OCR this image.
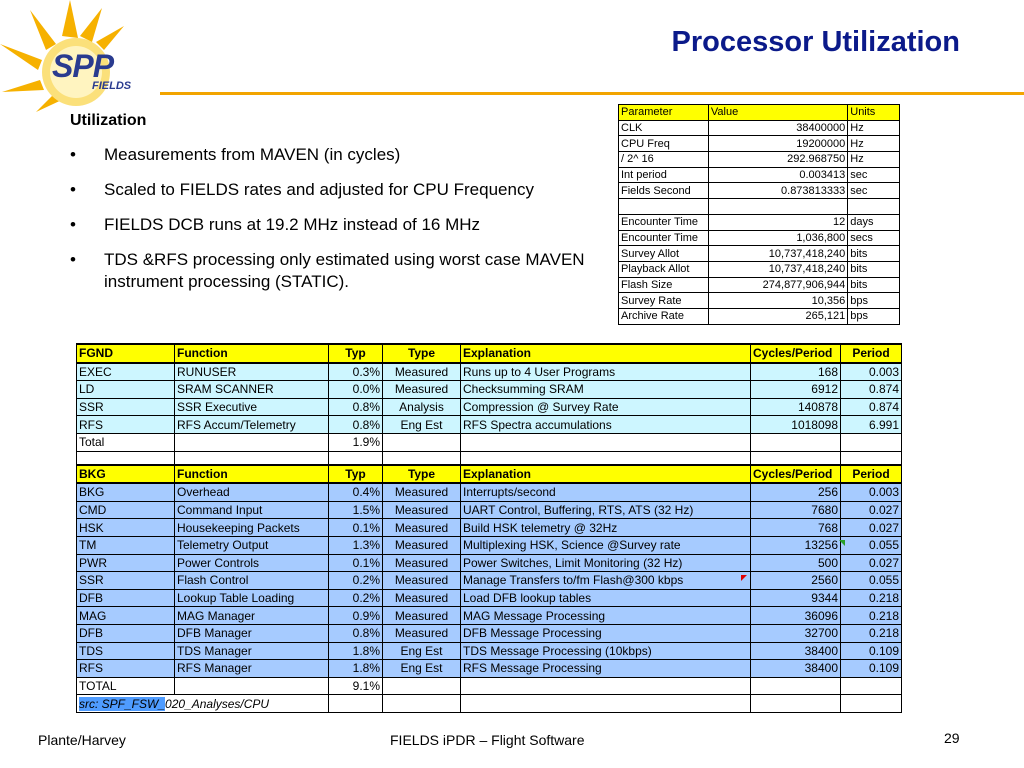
SPP
FIELDS
Processor Utilization
Utilization
• Measurements from MAVEN (in cycles)
• Scaled to FIELDS rates and adjusted for CPU Frequency
• FIELDS DCB runs at 19.2 MHz instead of 16 MHz
• TDS &RFS processing only estimated using worst case MAVEN instrument processing (STATIC).
Parameter	Value	Units
CLK	38400000	Hz
CPU Freq	19200000	Hz
/ 2^ 16	292.968750	Hz
Int period	0.003413	sec
Fields Second	0.873813333	sec

Encounter Time	12	days
Encounter Time	1,036,800	secs
Survey Allot	10,737,418,240	bits
Playback Allot	10,737,418,240	bits
Flash Size	274,877,906,944	bits
Survey Rate	10,356	bps
Archive Rate	265,121	bps
FGND	Function	Typ	Type	Explanation	Cycles/Period	Period
EXEC	RUNUSER	0.3%	Measured	Runs up to 4 User Programs	168	0.003
LD	SRAM SCANNER	0.0%	Measured	Checksumming SRAM	6912	0.874
SSR	SSR Executive	0.8%	Analysis	Compression @ Survey Rate	140878	0.874
RFS	RFS Accum/Telemetry	0.8%	Eng Est	RFS Spectra accumulations	1018098	6.991
Total		1.9%				

BKG	Function	Typ	Type	Explanation	Cycles/Period	Period
BKG	Overhead	0.4%	Measured	Interrupts/second	256	0.003
CMD	Command Input	1.5%	Measured	UART Control, Buffering, RTS, ATS (32 Hz)	7680	0.027
HSK	Housekeeping Packets	0.1%	Measured	Build HSK telemetry @ 32Hz	768	0.027
TM	Telemetry Output	1.3%	Measured	Multiplexing HSK, Science @Survey rate	13256	0.055
PWR	Power Controls	0.1%	Measured	Power Switches, Limit Monitoring (32 Hz)	500	0.027
SSR	Flash Control	0.2%	Measured	Manage Transfers to/fm Flash@300 kbps	2560	0.055
DFB	Lookup Table Loading	0.2%	Measured	Load DFB lookup tables	9344	0.218
MAG	MAG Manager	0.9%	Measured	MAG Message Processing	36096	0.218
DFB	DFB Manager	0.8%	Measured	DFB Message Processing	32700	0.218
TDS	TDS Manager	1.8%	Eng Est	TDS Message Processing (10kbps)	38400	0.109
RFS	RFS Manager	1.8%	Eng Est	RFS Message Processing	38400	0.109
TOTAL		9.1%				
src: SPF_FSW_020_Analyses/CPU						
Plante/Harvey	FIELDS iPDR – Flight Software	29
